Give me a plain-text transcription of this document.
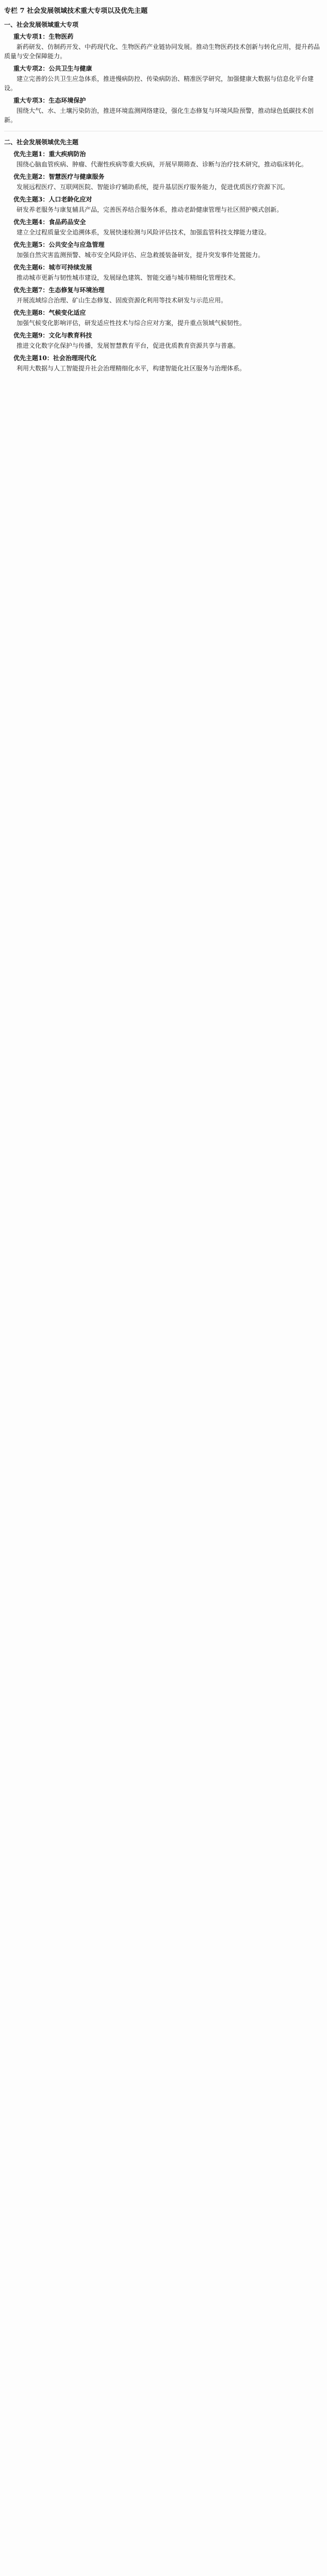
专栏 7 社会发展领域技术重大专项以及优先主题
一、社会发展领域重大专项
重大专项1：生物医药
新药研发、仿制药开发、中药现代化、生物医药产业链协同发展。推动生物医药技术创新与转化应用，提升药品质量与安全保障能力。
重大专项2：公共卫生与健康
建立完善的公共卫生应急体系，推进慢病防控、传染病防治、精准医学研究，加强健康大数据与信息化平台建设。
重大专项3：生态环境保护
围绕大气、水、土壤污染防治，推进环境监测网络建设，强化生态修复与环境风险预警，推动绿色低碳技术创新。
二、社会发展领域优先主题
优先主题1：重大疾病防治
围绕心脑血管疾病、肿瘤、代谢性疾病等重大疾病，开展早期筛查、诊断与治疗技术研究，推动临床转化。
优先主题2：智慧医疗与健康服务
发展远程医疗、互联网医院、智能诊疗辅助系统，提升基层医疗服务能力，促进优质医疗资源下沉。
优先主题3：人口老龄化应对
研发养老服务与康复辅具产品，完善医养结合服务体系，推动老龄健康管理与社区照护模式创新。
优先主题4：食品药品安全
建立全过程质量安全追溯体系，发展快速检测与风险评估技术，加强监管科技支撑能力建设。
优先主题5：公共安全与应急管理
加强自然灾害监测预警、城市安全风险评估、应急救援装备研发，提升突发事件处置能力。
优先主题6：城市可持续发展
推动城市更新与韧性城市建设，发展绿色建筑、智能交通与城市精细化管理技术。
优先主题7：生态修复与环境治理
开展流域综合治理、矿山生态修复、固废资源化利用等技术研发与示范应用。
优先主题8：气候变化适应
加强气候变化影响评估，研发适应性技术与综合应对方案，提升重点领域气候韧性。
优先主题9：文化与教育科技
推进文化数字化保护与传播，发展智慧教育平台，促进优质教育资源共享与普惠。
优先主题10：社会治理现代化
利用大数据与人工智能提升社会治理精细化水平，构建智能化社区服务与治理体系。
